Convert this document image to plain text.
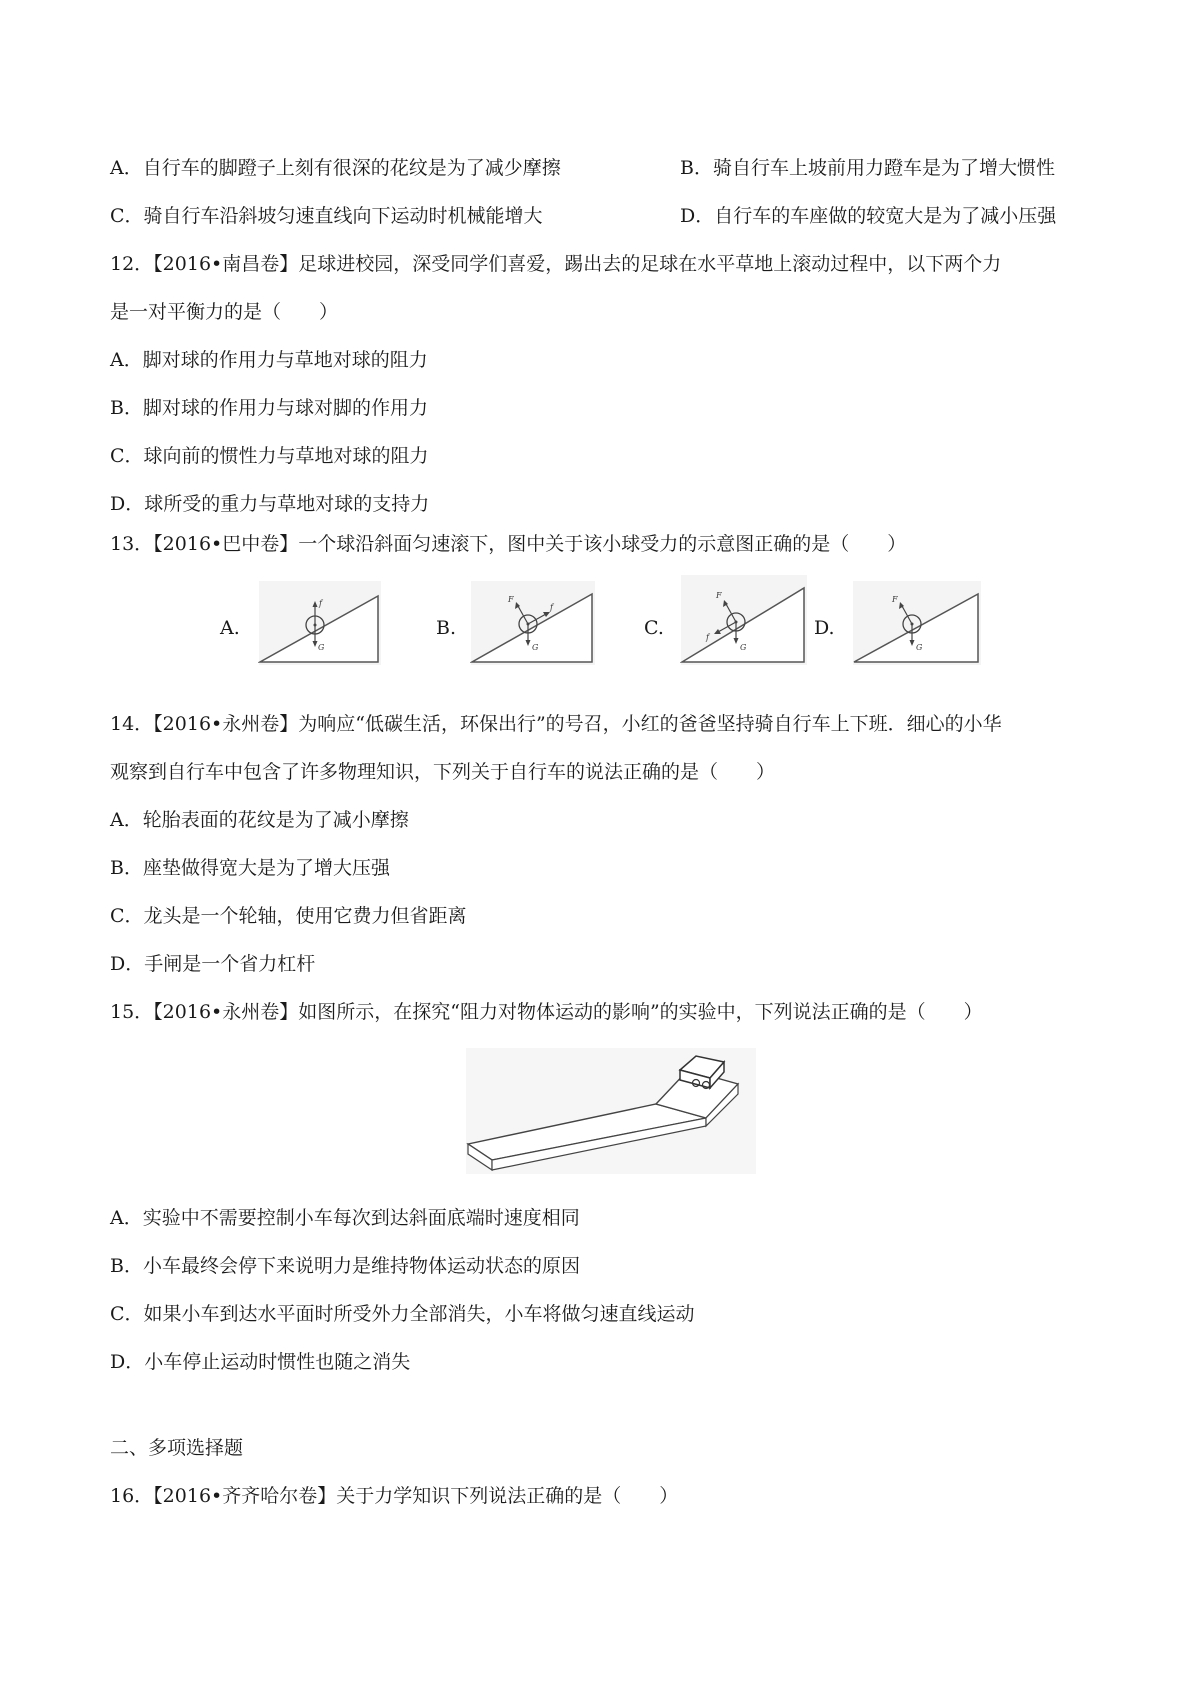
A．自行车的脚蹬子上刻有很深的花纹是为了减少摩擦	B．骑自行车上坡前用力蹬车是为了增大惯性
C．骑自行车沿斜坡匀速直线向下运动时机械能增大	D．自行车的车座做的较宽大是为了减小压强
12．【2016•南昌卷】足球进校园，深受同学们喜爱，踢出去的足球在水平草地上滚动过程中，以下两个力
是一对平衡力的是（　　）
A．脚对球的作用力与草地对球的阻力
B．脚对球的作用力与球对脚的作用力
C．球向前的惯性力与草地对球的阻力
D．球所受的重力与草地对球的支持力
13．【2016•巴中卷】一个球沿斜面匀速滚下，图中关于该小球受力的示意图正确的是（　　）
A.
f
G
B.
F
f
G
C.
F
f
G
D.
F
G
14．【2016•永州卷】为响应“低碳生活，环保出行”的号召，小红的爸爸坚持骑自行车上下班．细心的小华
观察到自行车中包含了许多物理知识，下列关于自行车的说法正确的是（　　）
A．轮胎表面的花纹是为了减小摩擦
B．座垫做得宽大是为了增大压强
C．龙头是一个轮轴，使用它费力但省距离
D．手闸是一个省力杠杆
15．【2016•永州卷】如图所示，在探究“阻力对物体运动的影响”的实验中，下列说法正确的是（　　）
A．实验中不需要控制小车每次到达斜面底端时速度相同
B．小车最终会停下来说明力是维持物体运动状态的原因
C．如果小车到达水平面时所受外力全部消失，小车将做匀速直线运动
D．小车停止运动时惯性也随之消失
二、多项选择题
16．【2016•齐齐哈尔卷】关于力学知识下列说法正确的是（　　）
